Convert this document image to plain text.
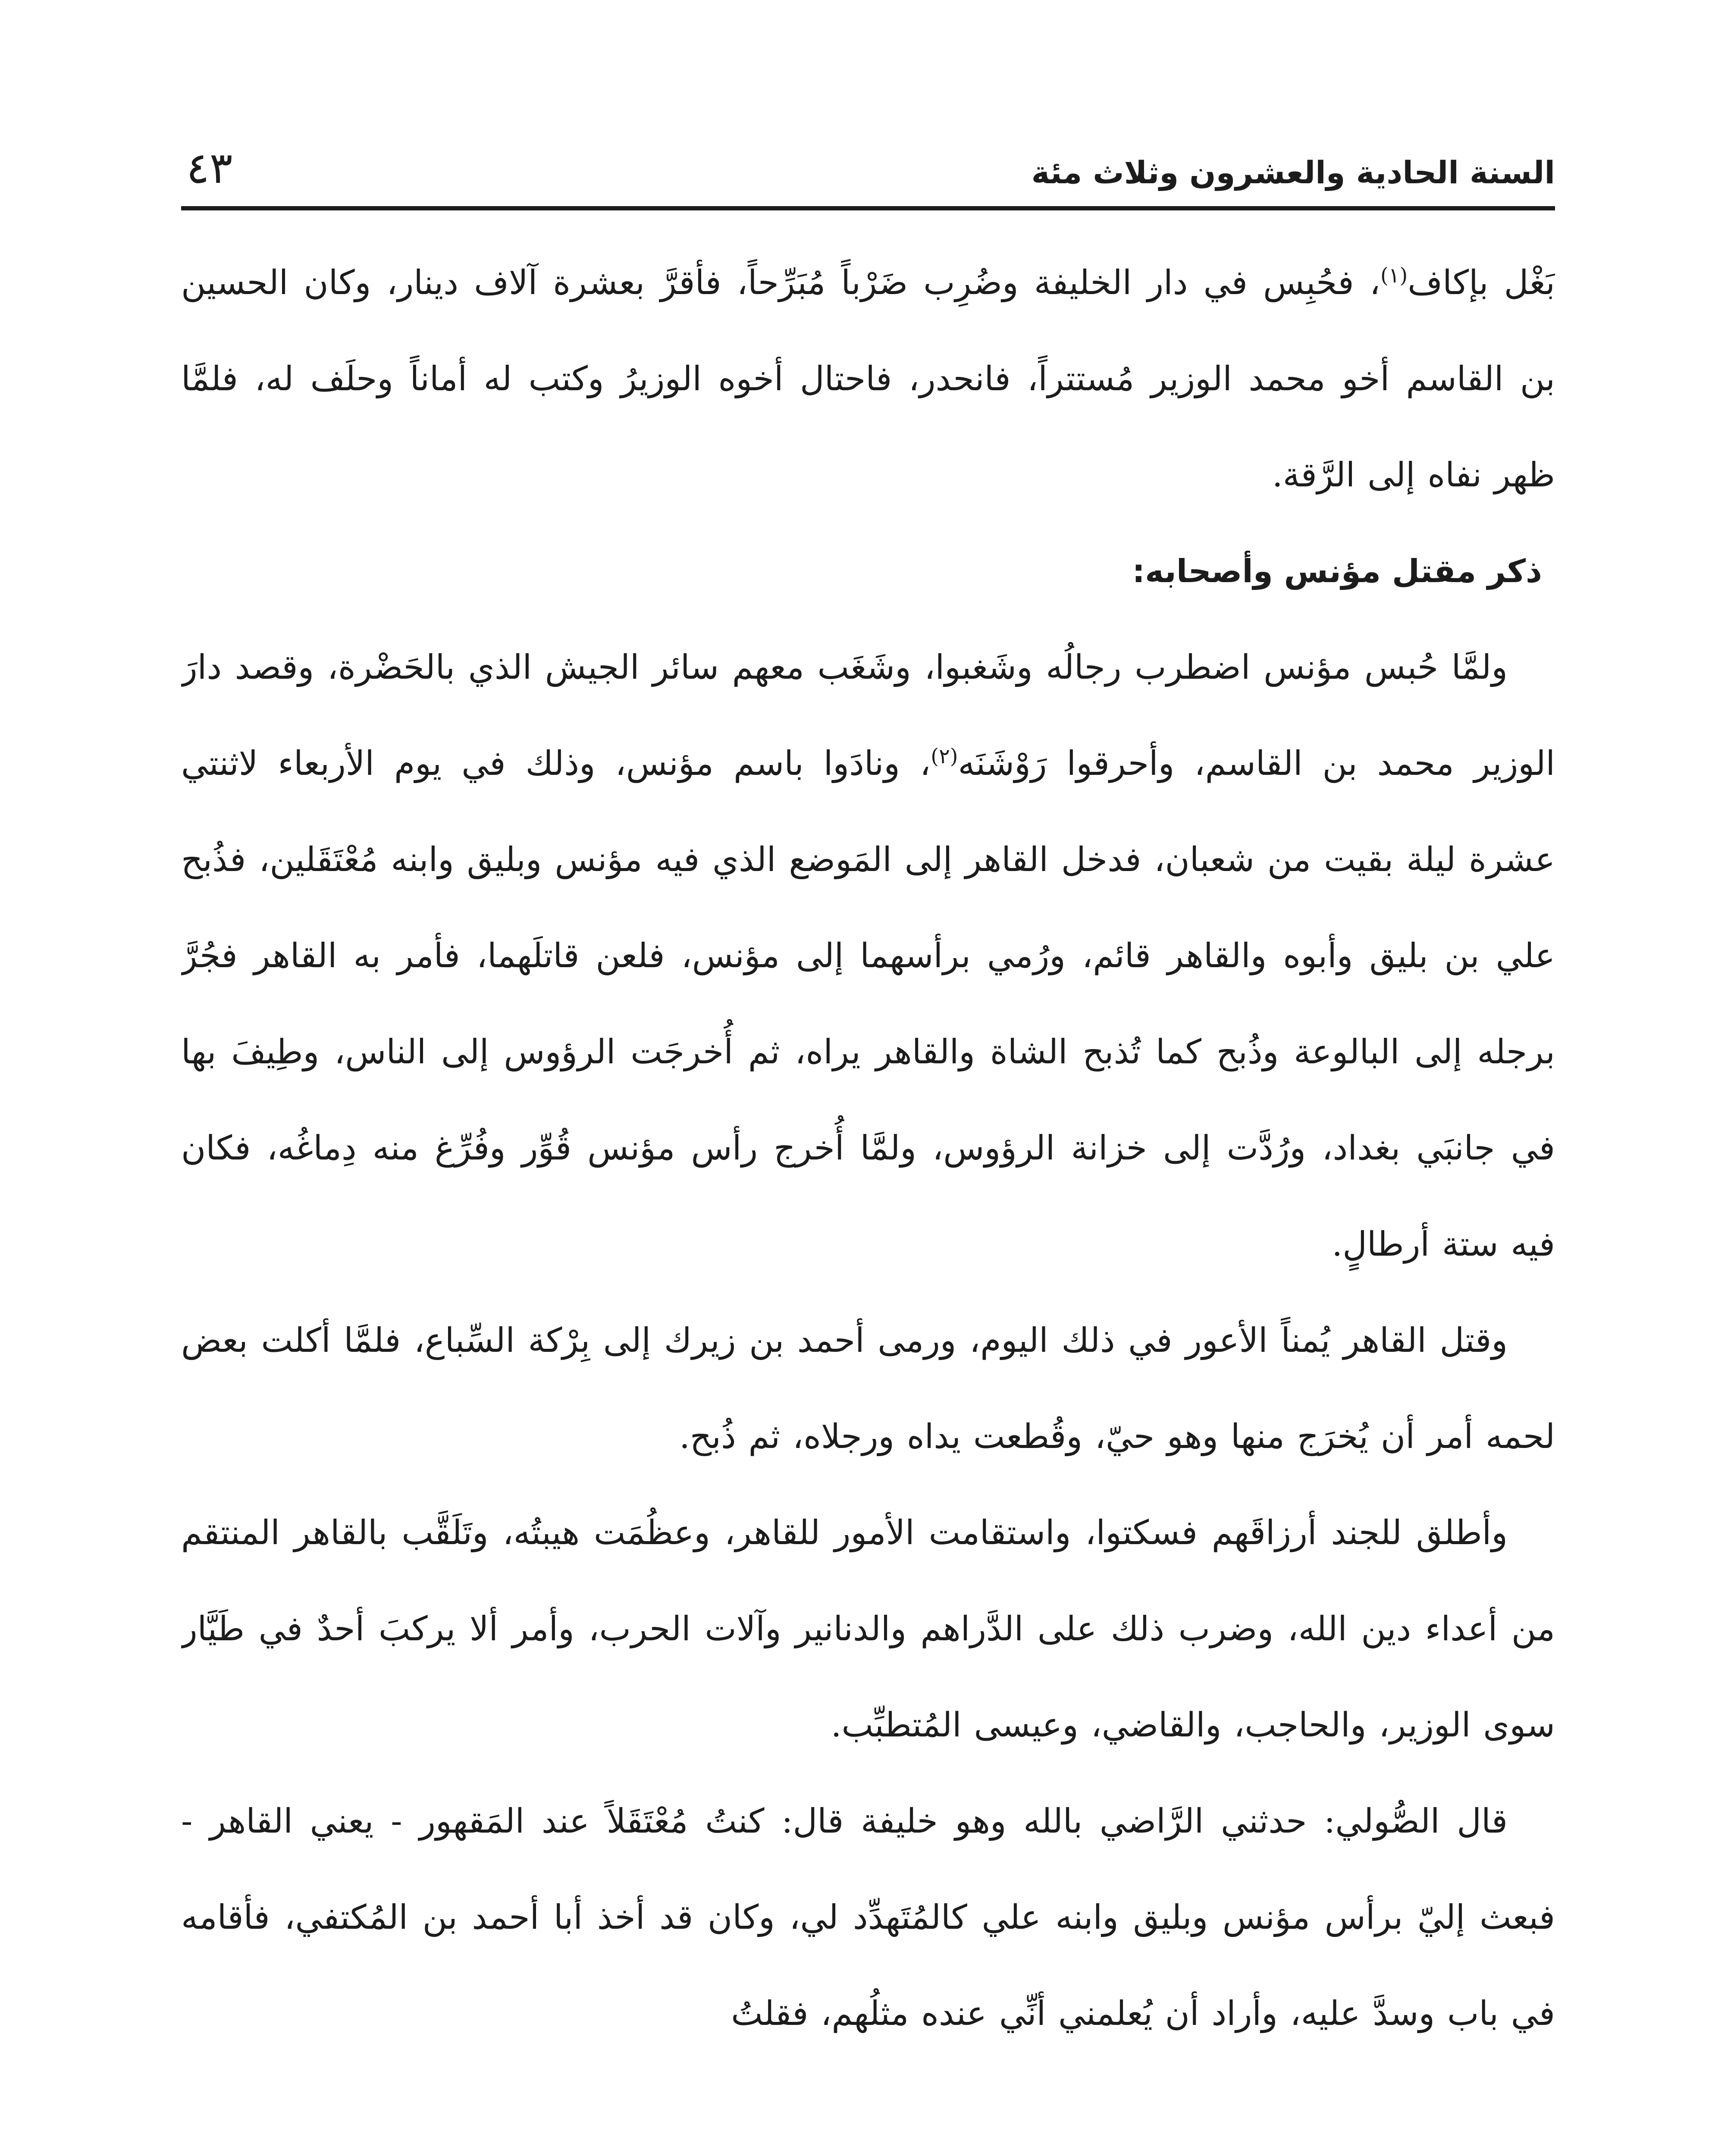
السنة الحادية والعشرون وثلاث مئة
٤٣

بَغْل بإكاف$^{(١)}$، فحُبِس في دار الخليفة وضُرِب ضَرْباً مُبَرِّحاً، فأقرَّ بعشرة آلاف دينار، وكان الحسين بن القاسم أخو محمد الوزير مُستتراً، فانحدر، فاحتال أخوه الوزيرُ وكتب له أماناً وحلَف له، فلمَّا ظهر نفاه إلى الرَّقة.

ذكر مقتل مؤنس وأصحابه:

ولمَّا حُبس مؤنس اضطرب رجالُه وشَغبوا، وشَغَب معهم سائر الجيش الذي بالحَضْرة، وقصد دارَ الوزير محمد بن القاسم، وأحرقوا رَوْشَنَه$^{(٢)}$، ونادَوا باسم مؤنس، وذلك في يوم الأربعاء لاثنتي عشرة ليلة بقيت من شعبان، فدخل القاهر إلى المَوضع الذي فيه مؤنس وبليق وابنه مُعْتَقَلين، فذُبح علي بن بليق وأبوه والقاهر قائم، ورُمي برأسهما إلى مؤنس، فلعن قاتلَهما، فأمر به القاهر فجُرَّ برجله إلى البالوعة وذُبح كما تُذبح الشاة والقاهر يراه، ثم أُخرجَت الرؤوس إلى الناس، وطِيفَ بها في جانبَي بغداد، ورُدَّت إلى خزانة الرؤوس، ولمَّا أُخرج رأس مؤنس قُوِّر وفُرِّغ منه دِماغُه، فكان فيه ستة أرطالٍ.

وقتل القاهر يُمناً الأعور في ذلك اليوم، ورمى أحمد بن زيرك إلى بِرْكة السِّباع، فلمَّا أكلت بعض لحمه أمر أن يُخرَج منها وهو حيّ، وقُطعت يداه ورجلاه، ثم ذُبح.

وأطلق للجند أرزاقَهم فسكتوا، واستقامت الأمور للقاهر، وعظُمَت هيبتُه، وتَلَقَّب بالقاهر المنتقم من أعداء دين الله، وضرب ذلك على الدَّراهم والدنانير وآلات الحرب، وأمر ألا يركبَ أحدٌ في طَيَّار سوى الوزير، والحاجب، والقاضي، وعيسى المُتطبِّب.

قال الصُّولي: حدثني الرَّاضي بالله وهو خليفة قال: كنتُ مُعْتَقَلاً عند المَقهور - يعني القاهر - فبعث إليّ برأس مؤنس وبليق وابنه علي كالمُتَهدِّد لي، وكان قد أخذ أبا أحمد بن المُكتفي، فأقامه في باب وسدَّ عليه، وأراد أن يُعلمني أنِّي عنده مثلُهم، فقلتُ
